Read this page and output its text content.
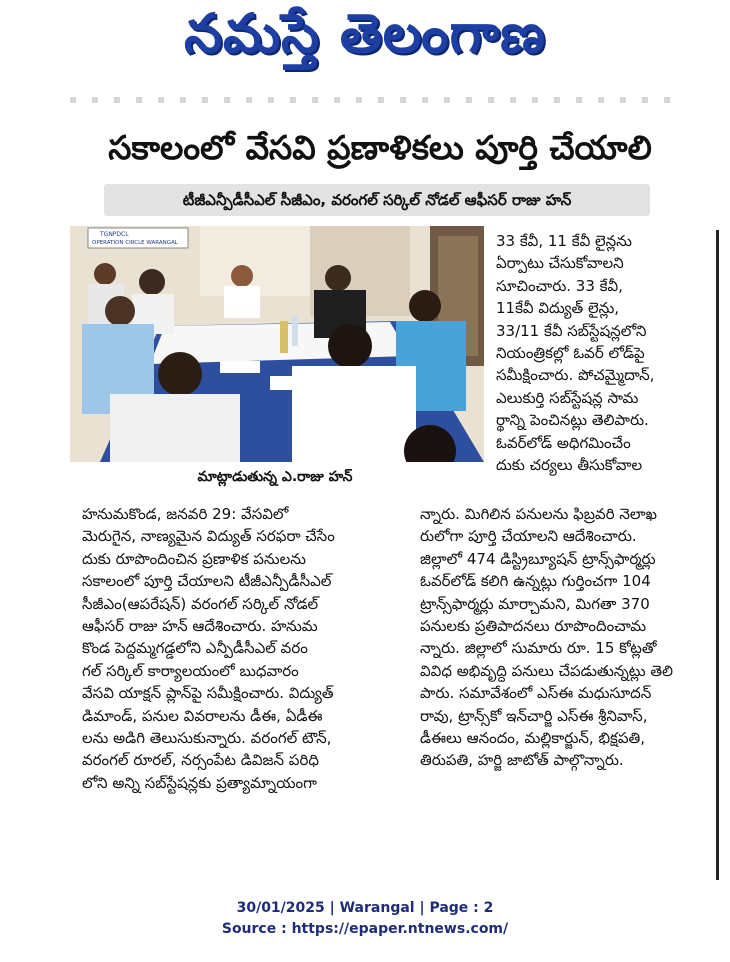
నమస్తే తెలంగాణ
సకాలంలో వేసవి ప్రణాళికలు పూర్తి చేయాలి
టీజీఎన్పీడీసీఎల్ సీజీఎం, వరంగల్ సర్కిల్ నోడల్ ఆఫీసర్ రాజు హన్
TGNPDCL
OPERATION CIRCLE WARANGAL
మాట్లాడుతున్న ఎ.రాజు హన్

33 కేవీ, 11 కేవీ లైన్లను

ఏర్పాటు చేసుకోవాలని

సూచించారు. 33 కేవీ,

11కేవీ విద్యుత్ లైన్లు,

33/11 కేవీ సబ్‌స్టేషన్లలోని

నియంత్రికల్లో ఓవర్ లోడ్‌పై

సమీక్షించారు. పోచమ్మైదాన్,

ఎలుకుర్తి సబ్‌స్టేషన్ల సామ

ర్థాన్ని పెంచినట్లు తెలిపారు.

ఓవర్‌లోడ్ అధిగమించేం

దుకు చర్యలు తీసుకోవాల

హనుమకొండ, జనవరి 29: వేసవిలో

మెరుగైన, నాణ్యమైన విద్యుత్ సరఫరా చేసేం

దుకు రూపొందించిన ప్రణాళిక పనులను

సకాలంలో పూర్తి చేయాలని టీజీఎన్పీడీసీఎల్

సీజీఎం(ఆపరేషన్) వరంగల్ సర్కిల్ నోడల్

ఆఫీసర్ రాజు హన్ ఆదేశించారు. హనుమ

కొండ పెద్దమ్మగడ్డలోని ఎన్పీడీసీఎల్ వరం

గల్ సర్కిల్ కార్యాలయంలో బుధవారం

వేసవి యాక్షన్ ప్లాన్‌పై సమీక్షించారు. విద్యుత్

డిమాండ్, పనుల వివరాలను డీఈ, ఏడీఈ

లను అడిగి తెలుసుకున్నారు. వరంగల్ టౌన్,

వరంగల్ రూరల్, నర్సంపేట డివిజన్ పరిధి

లోని అన్ని సబ్‌స్టేషన్లకు ప్రత్యామ్నాయంగా

న్నారు. మిగిలిన పనులను ఫిబ్రవరి నెలాఖ

రులోగా పూర్తి చేయాలని ఆదేశించారు.

జిల్లాలో 474 డిస్ట్రిబ్యూషన్ ట్రాన్స్‌ఫార్మర్లు

ఓవర్‌లోడ్ కలిగి ఉన్నట్లు గుర్తించగా 104

ట్రాన్స్‌ఫార్మర్లు మార్చామని, మిగతా 370

పనులకు ప్రతిపాదనలు రూపొందించామ

న్నారు. జిల్లాలో సుమారు రూ. 15 కోట్లతో

వివిధ అభివృద్ధి పనులు చేపడుతున్నట్లు తెలి

పారు. సమావేశంలో ఎస్‌ఈ మధుసూదన్

రావు, ట్రాన్స్‌కో ఇన్‌చార్జి ఎస్‌ఈ శ్రీనివాస్,

డీఈలు ఆనందం, మల్లికార్జున్, భిక్షపతి,

తిరుపతి, హర్జి జాటోత్ పాల్గొన్నారు.

30/01/2025 | Warangal | Page : 2
Source : https://epaper.ntnews.com/
